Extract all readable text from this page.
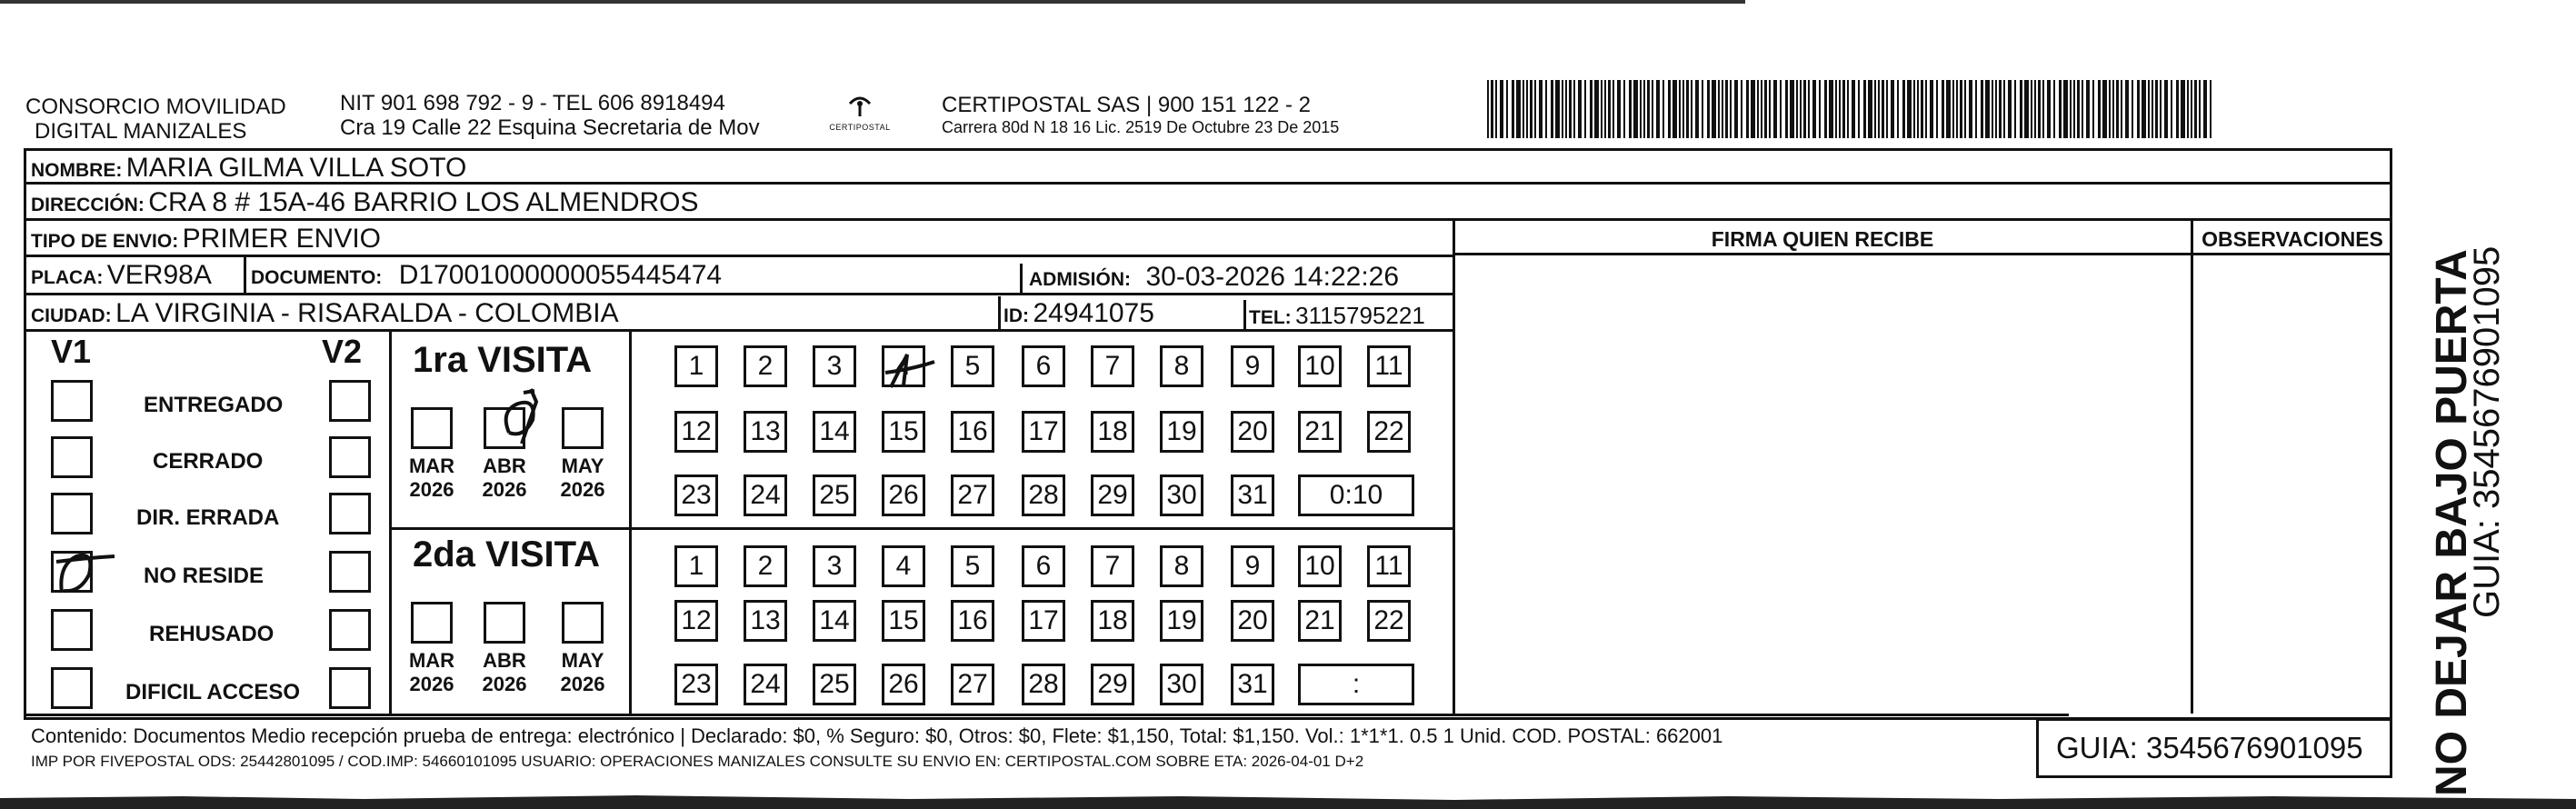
CONSORCIO MOVILIDAD
DIGITAL MANIZALES
NIT 901 698 792 - 9 - TEL 606 8918494
Cra 19 Calle 22 Esquina Secretaria de Mov	CERTIPOSTAL
CERTIPOSTAL SAS | 900 151 122 - 2
Carrera 80d N 18 16 Lic. 2519 De Octubre 23 De 2015
NOMBRE: MARIA GILMA VILLA SOTO
DIRECCIÓN: CRA 8 # 15A-46 BARRIO LOS ALMENDROS
TIPO DE ENVIO: PRIMER ENVIO
PLACA: VER98A DOCUMENTO: D17001000000055445474	ADMISIÓN: 30-03-2026 14:22:26
CIUDAD: LA VIRGINIA - RISARALDA - COLOMBIA	ID: 24941075	TEL: 3115795221
FIRMA QUIEN RECIBE	OBSERVACIONES
V1	V2
ENTREGADO
CERRADO
DIR. ERRADA
NO RESIDE
REHUSADO
DIFICIL ACCESO
1ra VISITA
2da VISITA
MAR
2026
ABR
2026
MAY
2026
1	2	3	4	5	6	7	8	9	10 11
12 13 14 15 16 17 18 19 20 21 22
23 24 25 26 27 28 29 30 31	0:10
MAR
2026
ABR
2026
MAY
2026
1	2	3	4	5	6	7	8	9	10 11
12 13 14 15 16 17 18 19 20 21 22
23 24 25 26 27 28 29 30 31	:
Contenido: Documentos Medio recepción prueba de entrega: electrónico | Declarado: $0, % Seguro: $0, Otros: $0, Flete: $1,150, Total: $1,150. Vol.: 1*1*1. 0.5 1 Unid. COD. POSTAL: 662001
IMP POR FIVEPOSTAL ODS: 25442801095 / COD.IMP: 54660101095 USUARIO: OPERACIONES MANIZALES CONSULTE SU ENVIO EN: CERTIPOSTAL.COM SOBRE ETA: 2026-04-01 D+2	GUIA: 3545676901095 NO DEJAR BAJO PUERTA
GUIA: 3545676901095
